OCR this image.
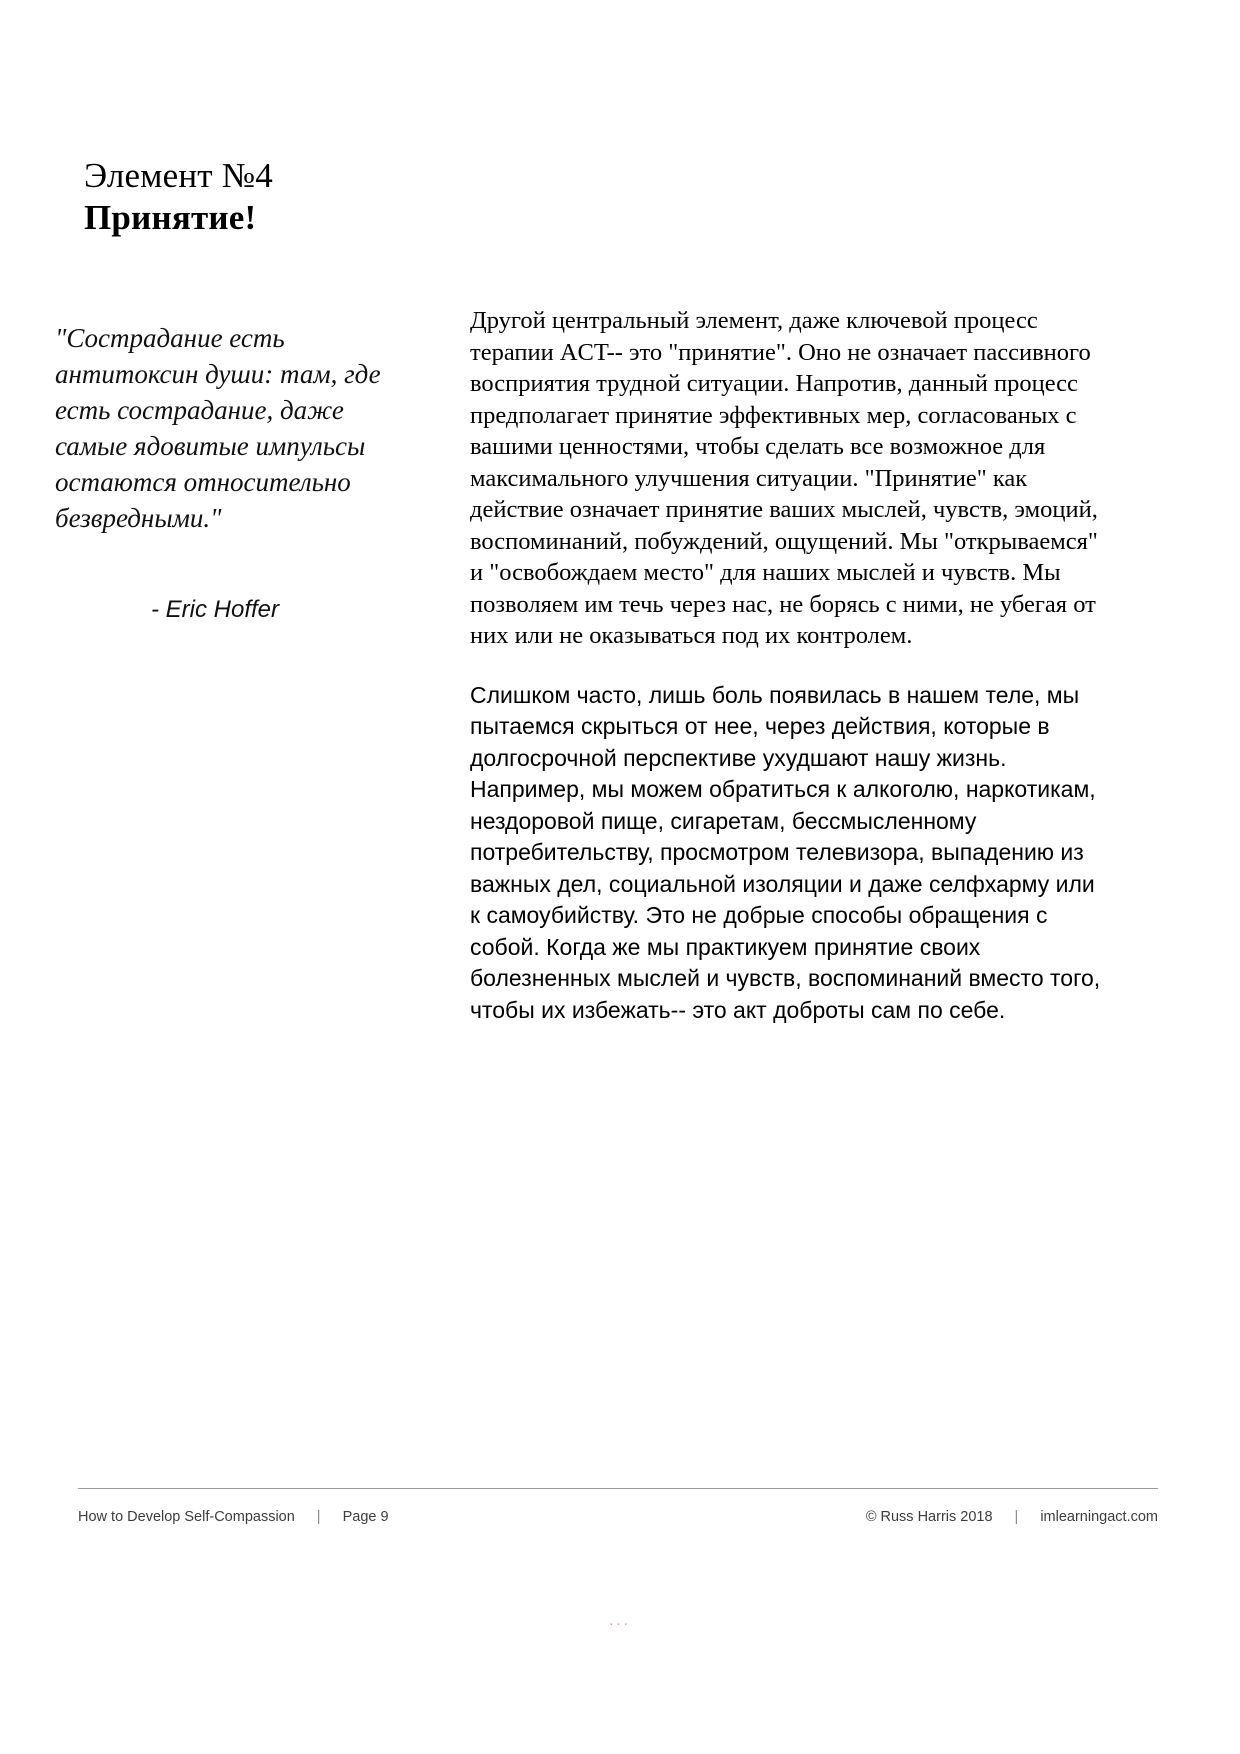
Элемент №4
Принятие!
"Сострадание есть антитоксин души: там, где есть сострадание, даже самые ядовитые импульсы остаются относительно безвредными."
- Eric Hoffer

Другой центральный элемент, даже ключевой процесс терапии ACT-- это "принятие". Оно не означает пассивного восприятия трудной ситуации. Напротив, данный процесс предполагает принятие эффективных мер, согласованых с вашими ценностями, чтобы сделать все возможное для максимального улучшения ситуации. "Принятие" как действие означает принятие ваших мыслей, чувств, эмоций, воспоминаний, побуждений, ощущений. Мы "открываемся" и "освобождаем место" для наших мыслей и чувств. Мы позволяем им течь через нас, не борясь с ними, не убегая от них или не оказываться под их контролем.

Слишком часто, лишь боль появилась в нашем теле, мы пытаемся скрыться от нее, через действия, которые в долгосрочной перспективе ухудшают нашу жизнь. Например, мы можем обратиться к алкоголю, наркотикам, нездоровой пище, сигаретам, бессмысленному потребительству, просмотром телевизора, выпадению из важных дел, социальной изоляции и даже селфхарму или к самоубийству. Это не добрые способы обращения с собой. Когда же мы практикуем принятие своих болезненных мыслей и чувств, воспоминаний вместо того, чтобы их избежать-- это акт доброты сам по себе.

How to Develop Self-Compassion | Page 9	© Russ Harris 2018 | imlearningact.com
...
